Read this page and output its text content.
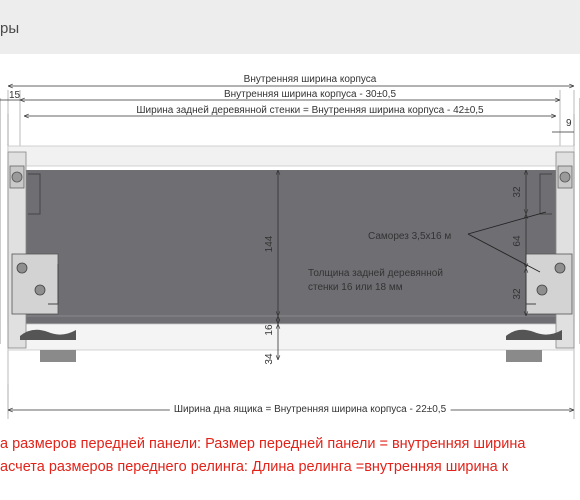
ры
Внутренняя ширина корпуса
Внутренняя ширина корпуса - 30±0,5
Ширина задней деревянной стенки = Внутренняя ширина корпуса - 42±0,5
15
9
144
16
34
32
64
32
Саморез 3,5x16 м
Толщина задней деревянной
стенки 16 или 18 мм
Ширина дна ящика = Внутренняя ширина корпуса - 22±0,5
а размеров передней панели: Размер передней панели = внутренняя ширина
асчета размеров переднего релинга: Длина релинга =внутренняя ширина к
